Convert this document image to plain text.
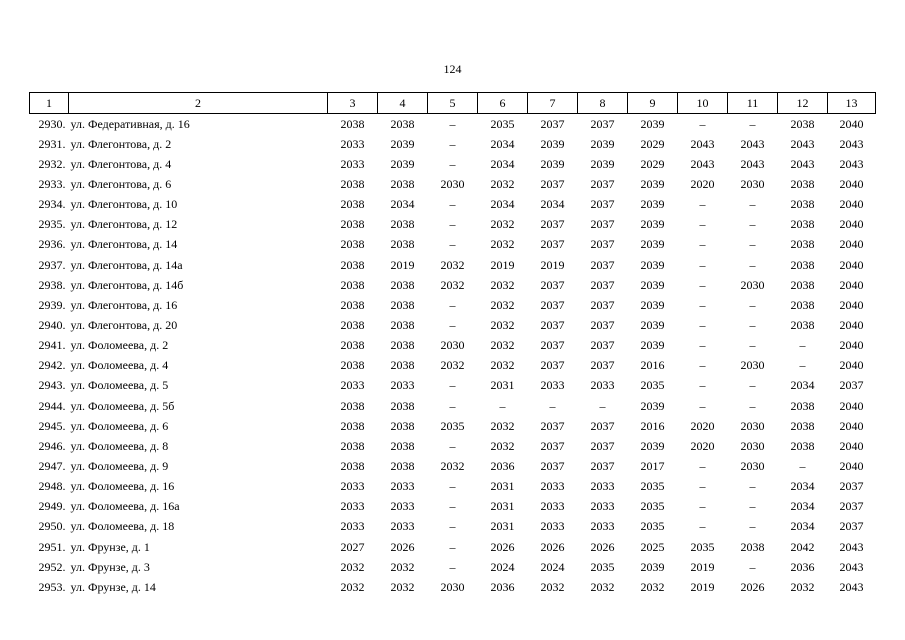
124
1	2	3	4	5	6	7	8	9	10	11	12	13
2930.	ул. Федеративная, д. 16	2038	2038	–	2035	2037	2037	2039	–	–	2038	2040
2931.	ул. Флегонтова, д. 2	2033	2039	–	2034	2039	2039	2029	2043	2043	2043	2043
2932.	ул. Флегонтова, д. 4	2033	2039	–	2034	2039	2039	2029	2043	2043	2043	2043
2933.	ул. Флегонтова, д. 6	2038	2038	2030	2032	2037	2037	2039	2020	2030	2038	2040
2934.	ул. Флегонтова, д. 10	2038	2034	–	2034	2034	2037	2039	–	–	2038	2040
2935.	ул. Флегонтова, д. 12	2038	2038	–	2032	2037	2037	2039	–	–	2038	2040
2936.	ул. Флегонтова, д. 14	2038	2038	–	2032	2037	2037	2039	–	–	2038	2040
2937.	ул. Флегонтова, д. 14а	2038	2019	2032	2019	2019	2037	2039	–	–	2038	2040
2938.	ул. Флегонтова, д. 14б	2038	2038	2032	2032	2037	2037	2039	–	2030	2038	2040
2939.	ул. Флегонтова, д. 16	2038	2038	–	2032	2037	2037	2039	–	–	2038	2040
2940.	ул. Флегонтова, д. 20	2038	2038	–	2032	2037	2037	2039	–	–	2038	2040
2941.	ул. Фоломеева, д. 2	2038	2038	2030	2032	2037	2037	2039	–	–	–	2040
2942.	ул. Фоломеева, д. 4	2038	2038	2032	2032	2037	2037	2016	–	2030	–	2040
2943.	ул. Фоломеева, д. 5	2033	2033	–	2031	2033	2033	2035	–	–	2034	2037
2944.	ул. Фоломеева, д. 5б	2038	2038	–	–	–	–	2039	–	–	2038	2040
2945.	ул. Фоломеева, д. 6	2038	2038	2035	2032	2037	2037	2016	2020	2030	2038	2040
2946.	ул. Фоломеева, д. 8	2038	2038	–	2032	2037	2037	2039	2020	2030	2038	2040
2947.	ул. Фоломеева, д. 9	2038	2038	2032	2036	2037	2037	2017	–	2030	–	2040
2948.	ул. Фоломеева, д. 16	2033	2033	–	2031	2033	2033	2035	–	–	2034	2037
2949.	ул. Фоломеева, д. 16а	2033	2033	–	2031	2033	2033	2035	–	–	2034	2037
2950.	ул. Фоломеева, д. 18	2033	2033	–	2031	2033	2033	2035	–	–	2034	2037
2951.	ул. Фрунзе, д. 1	2027	2026	–	2026	2026	2026	2025	2035	2038	2042	2043
2952.	ул. Фрунзе, д. 3	2032	2032	–	2024	2024	2035	2039	2019	–	2036	2043
2953.	ул. Фрунзе, д. 14	2032	2032	2030	2036	2032	2032	2032	2019	2026	2032	2043
